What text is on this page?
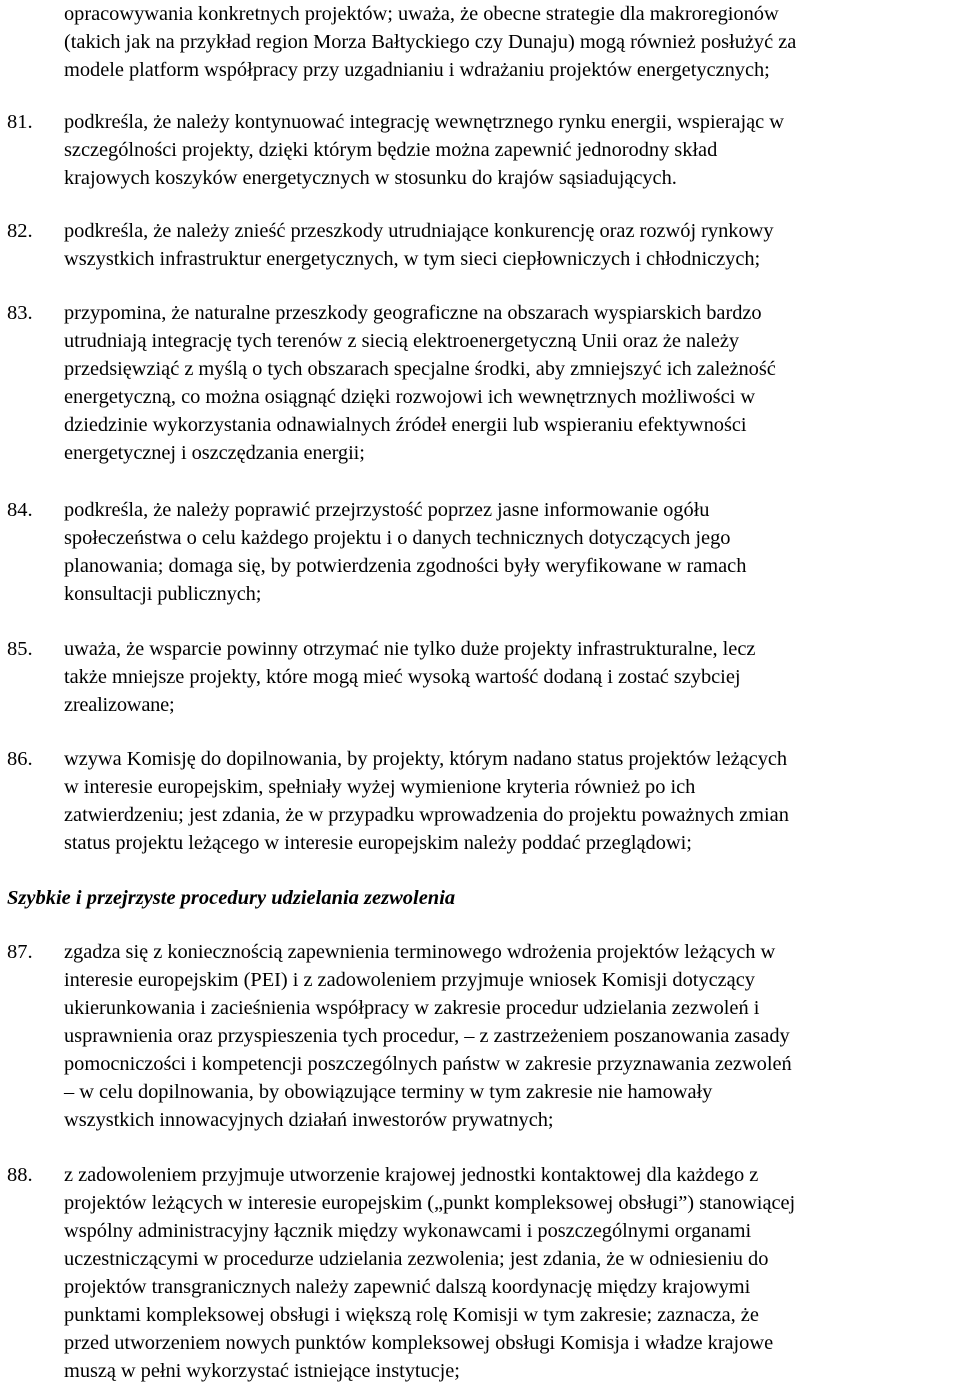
opracowywania konkretnych projektów; uważa, że obecne strategie dla makroregionów
(takich jak na przykład region Morza Bałtyckiego czy Dunaju) mogą również posłużyć za
modele platform współpracy przy uzgadnianiu i wdrażaniu projektów energetycznych;
81.	podkreśla, że należy kontynuować integrację wewnętrznego rynku energii, wspierając w
szczególności projekty, dzięki którym będzie można zapewnić jednorodny skład
krajowych koszyków energetycznych w stosunku do krajów sąsiadujących.
82.	podkreśla, że należy znieść przeszkody utrudniające konkurencję oraz rozwój rynkowy
wszystkich infrastruktur energetycznych, w tym sieci ciepłowniczych i chłodniczych;
83.	przypomina, że naturalne przeszkody geograficzne na obszarach wyspiarskich bardzo
utrudniają integrację tych terenów z siecią elektroenergetyczną Unii oraz że należy
przedsięwziąć z myślą o tych obszarach specjalne środki, aby zmniejszyć ich zależność
energetyczną, co można osiągnąć dzięki rozwojowi ich wewnętrznych możliwości w
dziedzinie wykorzystania odnawialnych źródeł energii lub wspieraniu efektywności
energetycznej i oszczędzania energii;
84.	podkreśla, że należy poprawić przejrzystość poprzez jasne informowanie ogółu
społeczeństwa o celu każdego projektu i o danych technicznych dotyczących jego
planowania; domaga się, by potwierdzenia zgodności były weryfikowane w ramach
konsultacji publicznych;
85.	uważa, że wsparcie powinny otrzymać nie tylko duże projekty infrastrukturalne, lecz
także mniejsze projekty, które mogą mieć wysoką wartość dodaną i zostać szybciej
zrealizowane;
86.	wzywa Komisję do dopilnowania, by projekty, którym nadano status projektów leżących
w interesie europejskim, spełniały wyżej wymienione kryteria również po ich
zatwierdzeniu; jest zdania, że w przypadku wprowadzenia do projektu poważnych zmian
status projektu leżącego w interesie europejskim należy poddać przeglądowi;
Szybkie i przejrzyste procedury udzielania zezwolenia
87.	zgadza się z koniecznością zapewnienia terminowego wdrożenia projektów leżących w
interesie europejskim (PEI) i z zadowoleniem przyjmuje wniosek Komisji dotyczący
ukierunkowania i zacieśnienia współpracy w zakresie procedur udzielania zezwoleń i
usprawnienia oraz przyspieszenia tych procedur, – z zastrzeżeniem poszanowania zasady
pomocniczości i kompetencji poszczególnych państw w zakresie przyznawania zezwoleń
– w celu dopilnowania, by obowiązujące terminy w tym zakresie nie hamowały
wszystkich innowacyjnych działań inwestorów prywatnych;
88.	z zadowoleniem przyjmuje utworzenie krajowej jednostki kontaktowej dla każdego z
projektów leżących w interesie europejskim („punkt kompleksowej obsługi”) stanowiącej
wspólny administracyjny łącznik między wykonawcami i poszczególnymi organami
uczestniczącymi w procedurze udzielania zezwolenia; jest zdania, że w odniesieniu do
projektów transgranicznych należy zapewnić dalszą koordynację między krajowymi
punktami kompleksowej obsługi i większą rolę Komisji w tym zakresie; zaznacza, że
przed utworzeniem nowych punktów kompleksowej obsługi Komisja i władze krajowe
muszą w pełni wykorzystać istniejące instytucje;
